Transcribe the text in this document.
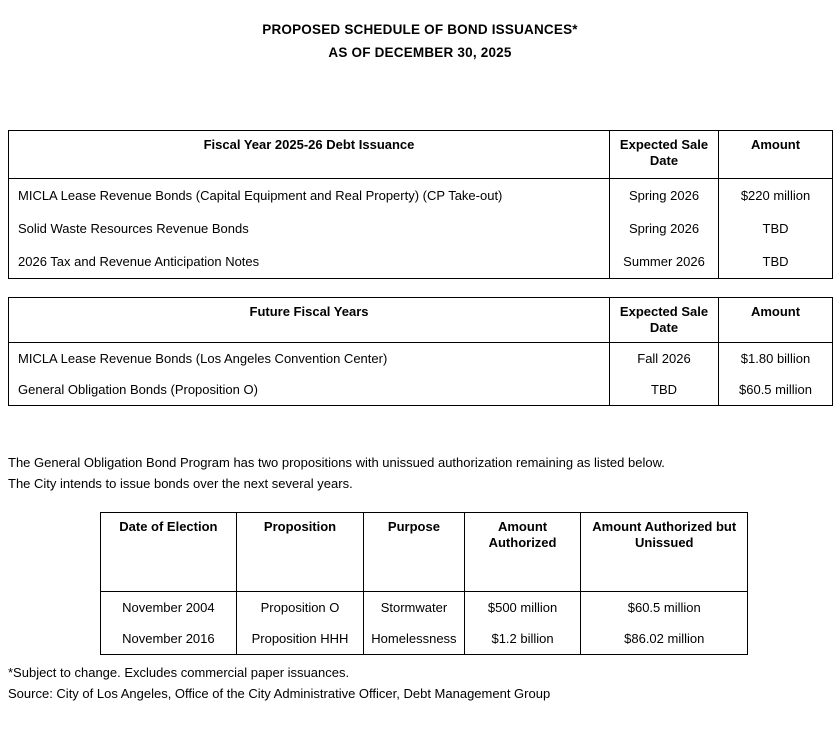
PROPOSED SCHEDULE OF BOND ISSUANCES*
AS OF DECEMBER 30, 2025
Fiscal Year 2025-26 Debt Issuance	Expected Sale Date	Amount
MICLA Lease Revenue Bonds (Capital Equipment and Real Property) (CP Take-out)	Spring 2026	$220 million
Solid Waste Resources Revenue Bonds	Spring 2026	TBD
2026 Tax and Revenue Anticipation Notes	Summer 2026	TBD
Future Fiscal Years	Expected Sale Date	Amount
MICLA Lease Revenue Bonds (Los Angeles Convention Center)	Fall 2026	$1.80 billion
General Obligation Bonds (Proposition O)	TBD	$60.5 million
The General Obligation Bond Program has two propositions with unissued authorization remaining as listed below.
The City intends to issue bonds over the next several years.
Date of Election	Proposition	Purpose	Amount Authorized	Amount Authorized but Unissued
November 2004	Proposition O	Stormwater	$500 million	$60.5 million
November 2016	Proposition HHH	Homelessness	$1.2 billion	$86.02 million
*Subject to change. Excludes commercial paper issuances.
Source: City of Los Angeles, Office of the City Administrative Officer, Debt Management Group
